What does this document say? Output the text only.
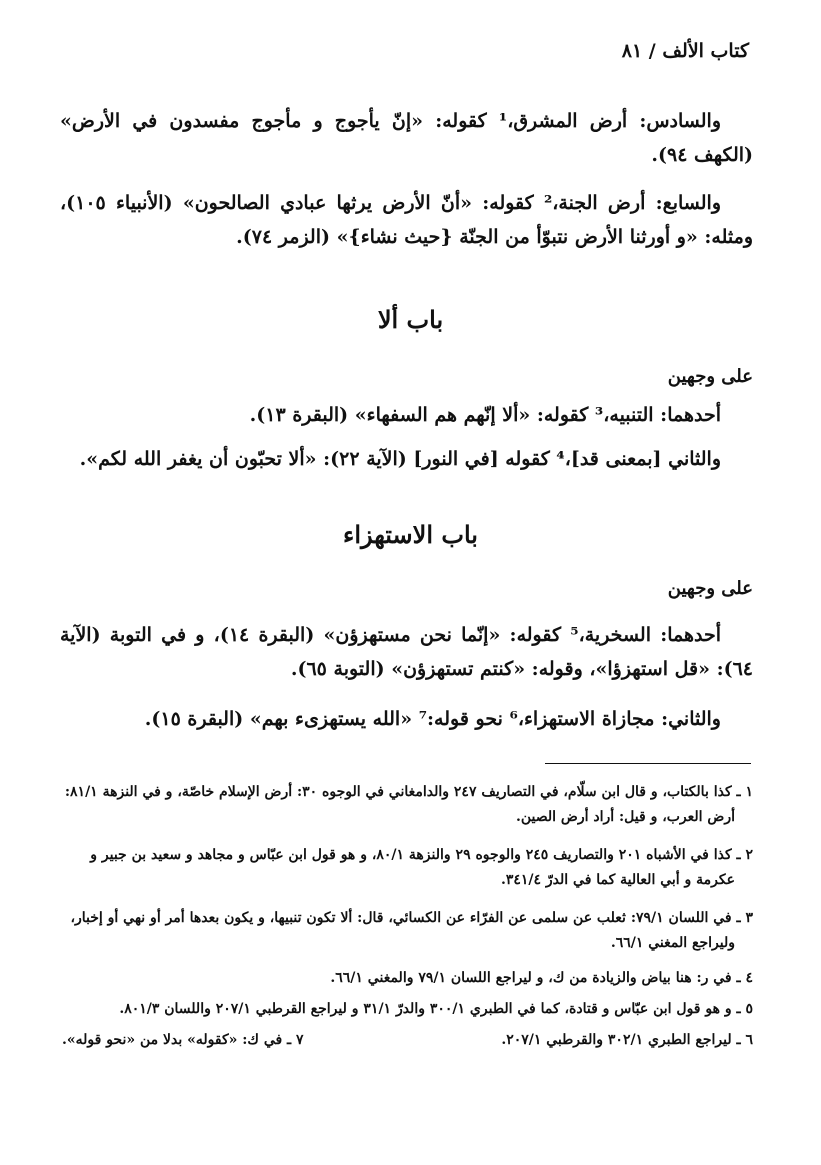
كتاب الألف / ٨١
والسادس: أرض المشرق،¹ كقوله: «إنّ يأجوج و مأجوج مفسدون في الأرض» (الكهف ٩٤).
والسابع: أرض الجنة،² كقوله: «أنّ الأرض يرثها عبادي الصالحون» (الأنبياء ١٠٥)، ومثله: «و أورثنا الأرض نتبوّأ من الجنّة {حيث نشاء}» (الزمر ٧٤).
باب ألا
على وجهين
أحدهما: التنبيه،³ كقوله: «ألا إنّهم هم السفهاء» (البقرة ١٣).
والثاني [بمعنى قد]،⁴ كقوله [في النور] (الآية ٢٢): «ألا تحبّون أن يغفر الله لكم».
باب الاستهزاء
على وجهين
أحدهما: السخرية،⁵ كقوله: «إنّما نحن مستهزؤن» (البقرة ١٤)، و في التوبة (الآية ٦٤): «قل استهزؤا»، وقوله: «كنتم تستهزؤن» (التوبة ٦٥).
والثاني: مجازاة الاستهزاء،⁶ نحو قوله:⁷ «الله يستهزىء بهم» (البقرة ١٥).
١ ـ كذا بالكتاب، و قال ابن سلّام، في التصاريف ٢٤٧ والدامغاني في الوجوه ٣٠: أرض الإسلام خاصّة، و في النزهة ٨١/١:
أرض العرب، و قيل: أراد أرض الصين.
٢ ـ كذا في الأشباه ٢٠١ والتصاريف ٢٤٥ والوجوه ٢٩ والنزهة ٨٠/١، و هو قول ابن عبّاس و مجاهد و سعيد بن جبير و
عكرمة و أبي العالية كما في الدرّ ٣٤١/٤.
٣ ـ في اللسان ٧٩/١: ثعلب عن سلمى عن الفرّاء عن الكسائي، قال: ألا تكون تنبيها، و يكون بعدها أمر أو نهي أو إخبار،
وليراجع المغني ٦٦/١.
٤ ـ في ر: هنا بياض والزيادة من ك، و ليراجع اللسان ٧٩/١ والمغني ٦٦/١.
٥ ـ و هو قول ابن عبّاس و قتادة، كما في الطبري ٣٠٠/١ والدرّ ٣١/١ و ليراجع القرطبي ٢٠٧/١ واللسان ٨٠١/٣.
٦ ـ ليراجع الطبري ٣٠٢/١ والقرطبي ٢٠٧/١.
٧ ـ في ك: «كقوله» بدلا من «نحو قوله».
